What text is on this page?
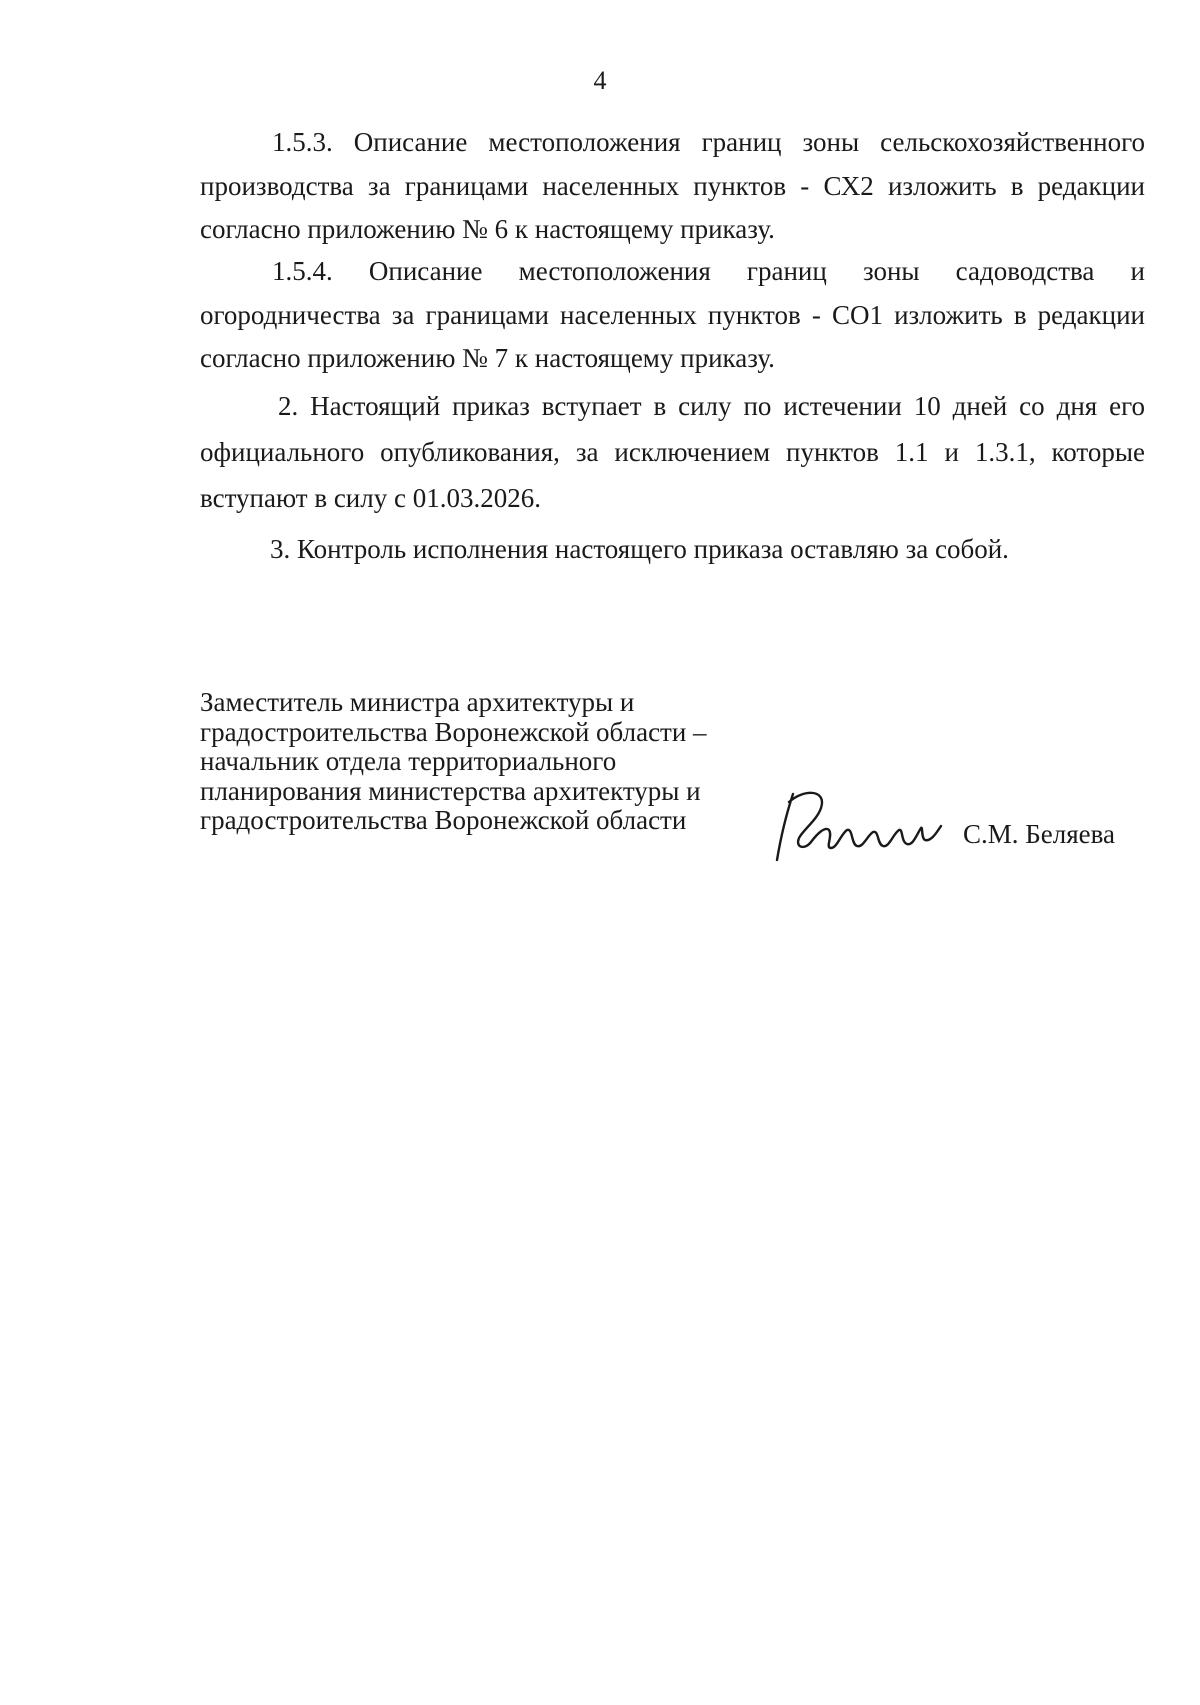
4

1.5.3. Описание местоположения границ зоны сельскохозяйственного производства за границами населенных пунктов - СХ2 изложить в редакции согласно приложению № 6 к настоящему приказу.

1.5.4. Описание местоположения границ зоны садоводства и огородничества за границами населенных пунктов - СО1 изложить в редакции согласно приложению № 7 к настоящему приказу.

2. Настоящий приказ вступает в силу по истечении 10 дней со дня его официального опубликования, за исключением пунктов 1.1 и 1.3.1, которые вступают в силу с 01.03.2026.

3. Контроль исполнения настоящего приказа оставляю за собой.

Заместитель министра архитектуры и
градостроительства Воронежской области –
начальник отдела территориального
планирования министерства архитектуры и
градостроительства Воронежской области	С.М. Беляева
